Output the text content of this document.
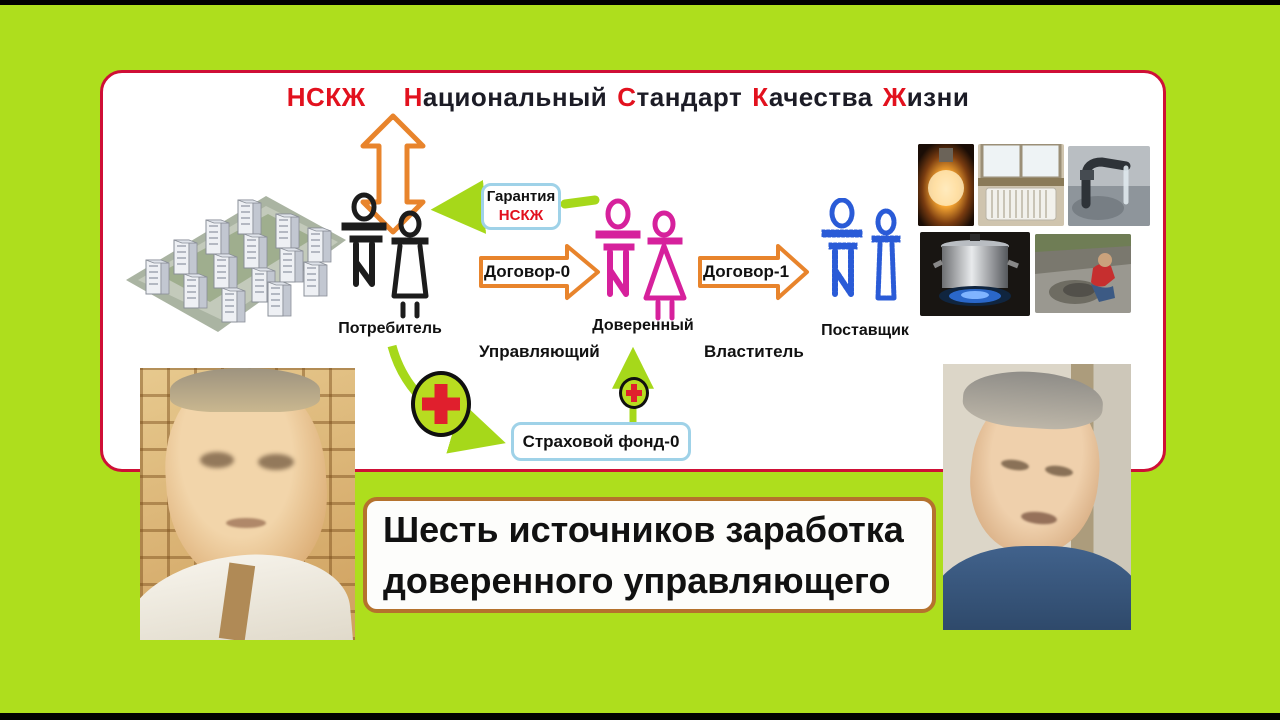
НСКЖ Национальный Стандарт Качества Жизни
Потребитель
Гарантия
НСКЖ
Договор-0
Доверенный
Управляющий	Властитель
Договор-1
Поставщик
Страховой фонд-0
Шесть источников заработка
доверенного управляющего
